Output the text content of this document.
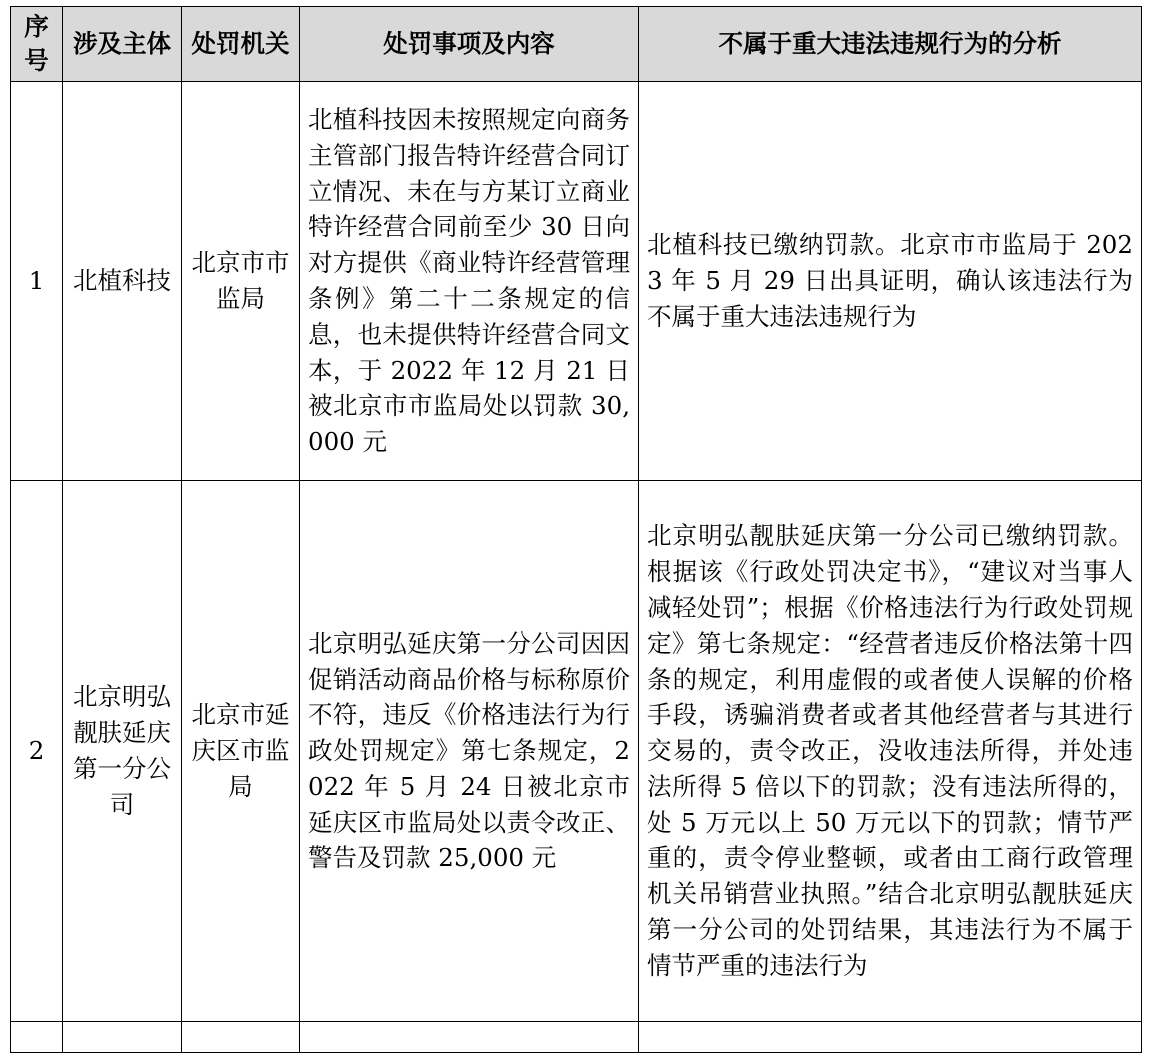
序号	涉及主体	处罚机关	处罚事项及内容	不属于重大违法违规行为的分析
1	北植科技	北京市市监局	北植科技因未按照规定向商务主管部门报告特许经营合同订立情况、未在与方某订立商业特许经营合同前至少 30 日向对方提供《商业特许经营管理条例》第二十二条规定的信息，也未提供特许经营合同文本，于 2022 年 12 月 21 日被北京市市监局处以罚款 30,000 元	北植科技已缴纳罚款。北京市市监局于 2023 年 5 月 29 日出具证明，确认该违法行为不属于重大违法违规行为
2	北京明弘靓肤延庆第一分公司	北京市延庆区市监局	北京明弘延庆第一分公司因因促销活动商品价格与标称原价不符，违反《价格违法行为行政处罚规定》第七条规定，2022 年 5 月 24 日被北京市延庆区市监局处以责令改正、警告及罚款 25,000 元	北京明弘靓肤延庆第一分公司已缴纳罚款。根据该《行政处罚决定书》，“建议对当事人减轻处罚”；根据《价格违法行为行政处罚规定》第七条规定：“经营者违反价格法第十四条的规定，利用虚假的或者使人误解的价格手段，诱骗消费者或者其他经营者与其进行交易的，责令改正，没收违法所得，并处违法所得 5 倍以下的罚款；没有违法所得的，处 5 万元以上 50 万元以下的罚款；情节严重的，责令停业整顿，或者由工商行政管理机关吊销营业执照。”结合北京明弘靓肤延庆第一分公司的处罚结果，其违法行为不属于情节严重的违法行为
